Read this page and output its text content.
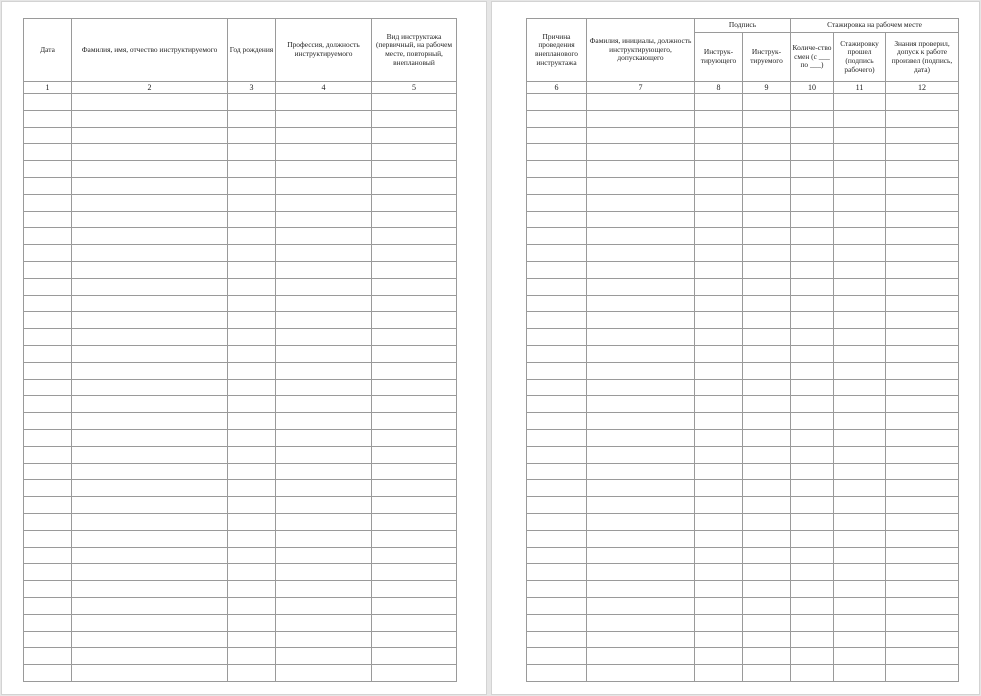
Дата	Фамилия, имя, отчество инструктируемого	Год рождения	Профессия, должность инструктируемого	Вид инструктажа (первичный, на рабочем месте, повторный, внеплановый
1	2	3	4	5

Причина проведения внепланового инструктажа	Фамилия, инициалы, должность инструктирующего, допускающего	Подпись		Стажировка на рабочем месте		
		Инструк-тирующего	Инструк-тируемого	Количе-ство смен (с ___ по ___)	Стажировку прошел (подпись рабочего)	Знания проверил, допуск к работе произвел (подпись, дата)
6	7	8	9	10	11	12
